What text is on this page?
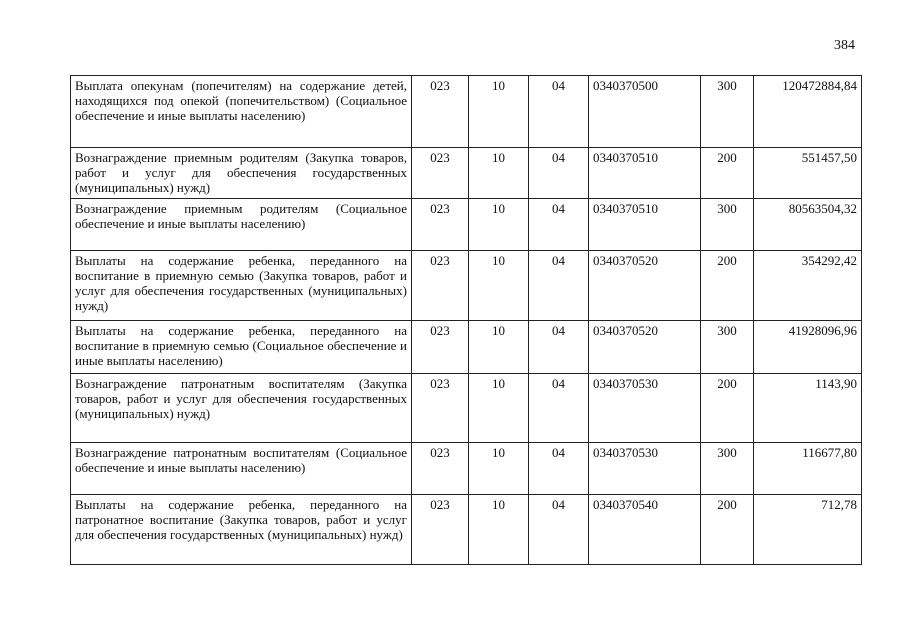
384
Выплата опекунам (попечителям) на содержание детей, находящихся под опекой (попечительством) (Социальное обеспечение и иные выплаты населению)	023	10	04	0340370500	300	120472884,84
Вознаграждение приемным родителям (Закупка товаров, работ и услуг для обеспечения государственных (муниципальных) нужд)	023	10	04	0340370510	200	551457,50
Вознаграждение приемным родителям (Социальное обеспечение и иные выплаты населению)	023	10	04	0340370510	300	80563504,32
Выплаты на содержание ребенка, переданного на воспитание в приемную семью (Закупка товаров, работ и услуг для обеспечения государственных (муниципальных) нужд)	023	10	04	0340370520	200	354292,42
Выплаты на содержание ребенка, переданного на воспитание в приемную семью (Социальное обеспечение и иные выплаты населению)	023	10	04	0340370520	300	41928096,96
Вознаграждение патронатным воспитателям (Закупка товаров, работ и услуг для обеспечения государственных (муниципальных) нужд)	023	10	04	0340370530	200	1143,90
Вознаграждение патронатным воспитателям (Социальное обеспечение и иные выплаты населению)	023	10	04	0340370530	300	116677,80
Выплаты на содержание ребенка, переданного на патронатное воспитание (Закупка товаров, работ и услуг для обеспечения государственных (муниципальных) нужд)	023	10	04	0340370540	200	712,78
